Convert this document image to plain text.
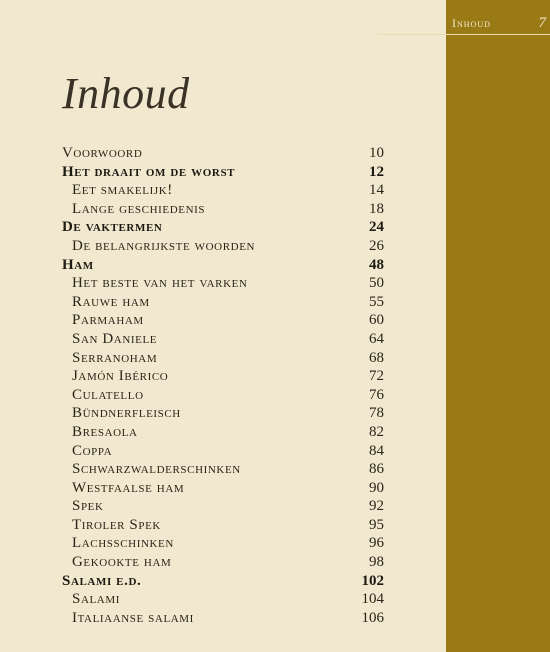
Inhoud	7
Inhoud
Voorwoord	10
Het draait om de worst	12
Eet smakelijk!	14
Lange geschiedenis	18
De vaktermen	24
De belangrijkste woorden	26
Ham	48
Het beste van het varken	50
Rauwe ham	55
Parmaham	60
San Daniele	64
Serranoham	68
Jamón Ibérico	72
Culatello	76
Bündnerfleisch	78
Bresaola	82
Coppa	84
Schwarzwalderschinken	86
Westfaalse ham	90
Spek	92
Tiroler Spek	95
Lachsschinken	96
Gekookte ham	98
Salami e.d.	102
Salami	104
Italiaanse salami	106
